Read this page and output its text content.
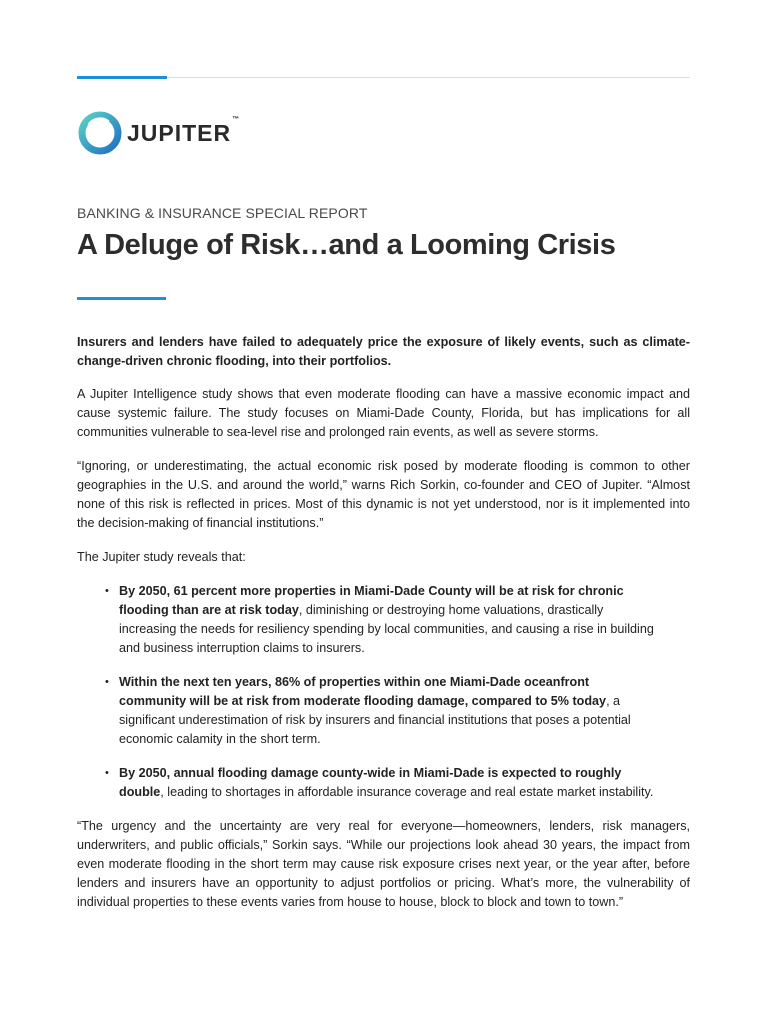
JUPITER™
BANKING & INSURANCE SPECIAL REPORT
A Deluge of Risk…and a Looming Crisis

Insurers and lenders have failed to adequately price the exposure of likely events, such as climate-change-driven chronic flooding, into their portfolios.

A Jupiter Intelligence study shows that even moderate flooding can have a massive economic impact and cause systemic failure. The study focuses on Miami-Dade County, Florida, but has implications for all communities vulnerable to sea-level rise and prolonged rain events, as well as severe storms.

“Ignoring, or underestimating, the actual economic risk posed by moderate flooding is common to other geographies in the U.S. and around the world,” warns Rich Sorkin, co-founder and CEO of Jupiter. “Almost none of this risk is reflected in prices. Most of this dynamic is not yet understood, nor is it implemented into the decision-making of financial institutions.”

The Jupiter study reveals that:

• By 2050, 61 percent more properties in Miami-Dade County will be at risk for chronic flooding than are at risk today, diminishing or destroying home valuations, drastically increasing the needs for resiliency spending by local communities, and causing a rise in building and business interruption claims to insurers.
• Within the next ten years, 86% of properties within one Miami-Dade oceanfront community will be at risk from moderate flooding damage, compared to 5% today, a significant underestimation of risk by insurers and financial institutions that poses a potential economic calamity in the short term.
• By 2050, annual flooding damage county-wide in Miami-Dade is expected to roughly double, leading to shortages in affordable insurance coverage and real estate market instability.

“The urgency and the uncertainty are very real for everyone—homeowners, lenders, risk managers, underwriters, and public officials,” Sorkin says. “While our projections look ahead 30 years, the impact from even moderate flooding in the short term may cause risk exposure crises next year, or the year after, before lenders and insurers have an opportunity to adjust portfolios or pricing. What’s more, the vulnerability of individual properties to these events varies from house to house, block to block and town to town.”
